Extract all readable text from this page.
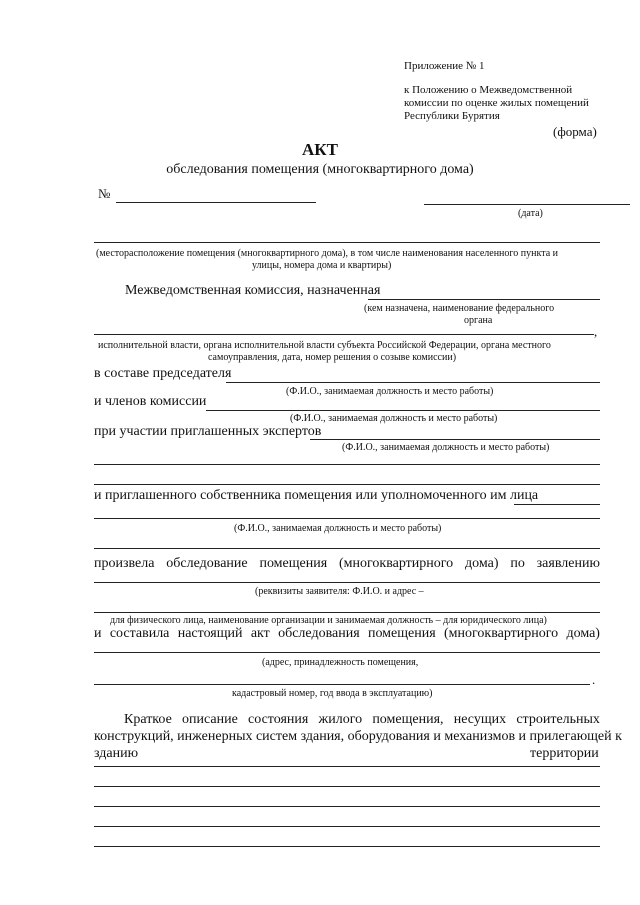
Приложение № 1
к Положению о Межведомственной
комиссии по оценке жилых помещений
Республики Бурятия
(форма)
АКТ
обследования помещения (многоквартирного дома)
№
(дата)
(месторасположение помещения (многоквартирного дома), в том числе наименования населенного пункта и
улицы, номера дома и квартиры)
Межведомственная комиссия, назначенная
(кем назначена, наименование федерального
органа
,
исполнительной власти, органа исполнительной власти субъекта Российской Федерации, органа местного
самоуправления, дата, номер решения о созыве комиссии)
в составе председателя
(Ф.И.О., занимаемая должность и место работы)
и членов комиссии
(Ф.И.О., занимаемая должность и место работы)
при участии приглашенных экспертов
(Ф.И.О., занимаемая должность и место работы)
и приглашенного собственника помещения или уполномоченного им лица
(Ф.И.О., занимаемая должность и место работы)
произвела обследование помещения (многоквартирного дома) по заявлению
(реквизиты заявителя: Ф.И.О. и адрес –
для физического лица, наименование организации и занимаемая должность – для юридического лица)
и составила настоящий акт обследования помещения (многоквартирного дома)
(адрес, принадлежность помещения,
.
кадастровый номер, год ввода в эксплуатацию)
Краткое описание состояния жилого помещения, несущих строительных
конструкций, инженерных систем здания, оборудования и механизмов и прилегающей к
зданию	территории
